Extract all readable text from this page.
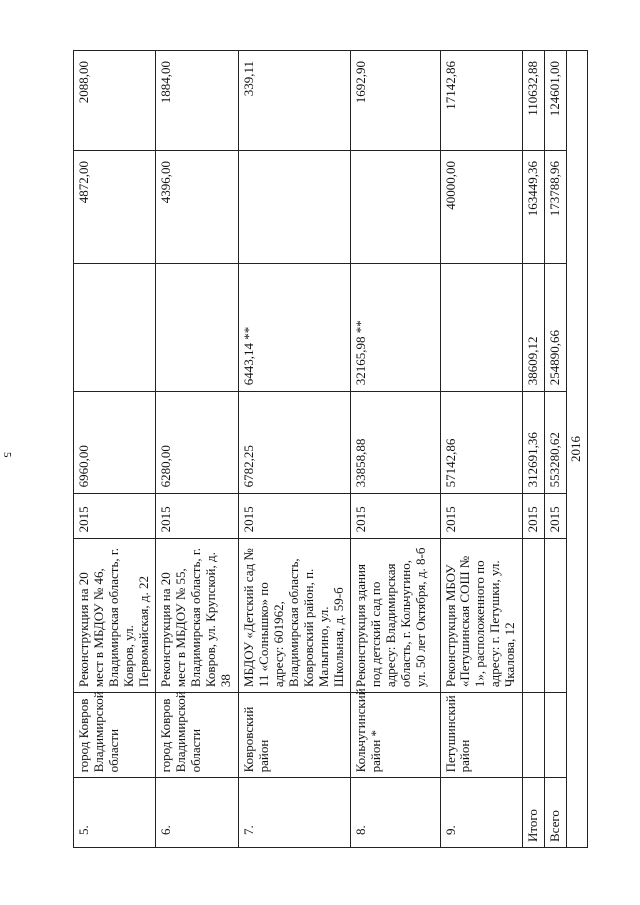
5
5.	город Ковров Владимирской области	Реконструкция на 20 мест в МБДОУ № 46, Владимирская область, г. Ковров, ул. Первомайская, д. 22	2015	6960,00		4872,00	2088,00
6.	город Ковров Владимирской области	Реконструкция на 20 мест в МБДОУ № 55, Владимирская область, г. Ковров, ул. Крупской, д. 38	2015	6280,00		4396,00	1884,00
7.	Ковровский район	МБДОУ «Детский сад № 11 «Солнышко» по адресу: 601962, Владимирская область, Ковровский район, п. Малыгино, ул. Школьная, д. 59-б	2015	6782,25	6443,14 **		339,11
8.	Кольчугинский район *	Реконструкция здания под детский сад по адресу: Владимирская область, г. Кольчугино, ул. 50 лет Октября, д. 8-б	2015	33858,88	32165,98 **		1692,90
9.	Петушинский район	Реконструкция МБОУ «Петушинская СОШ № 1», расположенного по адресу: г. Петушки, ул. Чкалова, 12	2015	57142,86		40000,00	17142,86
Итого			2015	312691,36	38609,12	163449,36	110632,88
Всего			2015	553280,62	254890,66	173788,96	124601,00
2016							
